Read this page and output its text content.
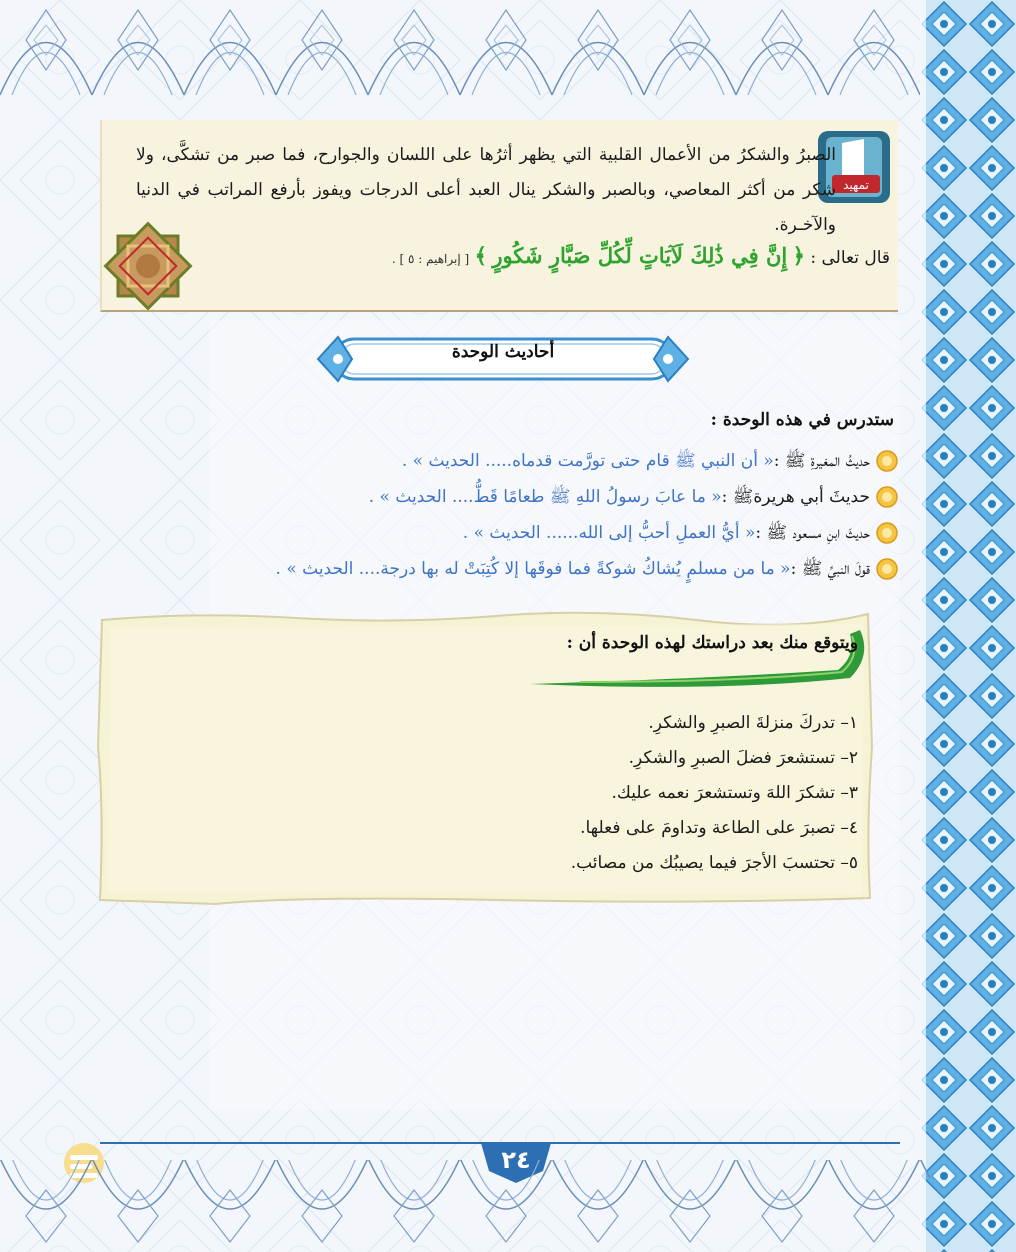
تمهيد

الصبرُ والشكرُ من الأعمال القلبية التي يظهر أثرُها على اللسان والجوارح، فما صبر من تشكَّى، ولا شكر من أكثر المعاصي، وبالصبر والشكر ينال العبد أعلى الدرجات ويفوز بأرفع المراتب في الدنيا والآخـرة.

قال تعالى : ﴿ إِنَّ فِي ذَٰلِكَ لَآيَاتٍ لِّكُلِّ صَبَّارٍ شَكُورٍ ﴾ [ إبراهيم : ٥ ] .
أحاديث الوحدة
ستدرس في هذه الوحدة :
حديثُ المغيرةِ ﷺ :
« أن النبي ﷺ قام حتى تورَّمت قدماه..... الحديث » .
حديثَ أبي هريرةﷺ :
« ما عابَ رسولُ اللهِ ﷺ طعامًا قَطُّ.... الحديث » .
حديثَ ابنِ مسعود ﷺ :
« أيُّ العملِ أحبُّ إلى الله...... الحديث » .
قولَ النبيِّ ﷺ :
« ما من مسلمٍ يُشاكُ شوكةً فما فوقَها إلا كُتِبَتْ له بها درجة.... الحديث » .
ويتوقع منك بعد دراستك لهذه الوحدة أن :
١– تدركَ منزلةَ الصبرِ والشكرِ.
٢– تستشعرَ فضلَ الصبرِ والشكرِ.
٣– تشكرَ اللهَ وتستشعرَ نعمه عليك.
٤– تصبرَ على الطاعة وتداومَ على فعلها.
٥– تحتسبَ الأجرَ فيما يصيبُك من مصائب.
